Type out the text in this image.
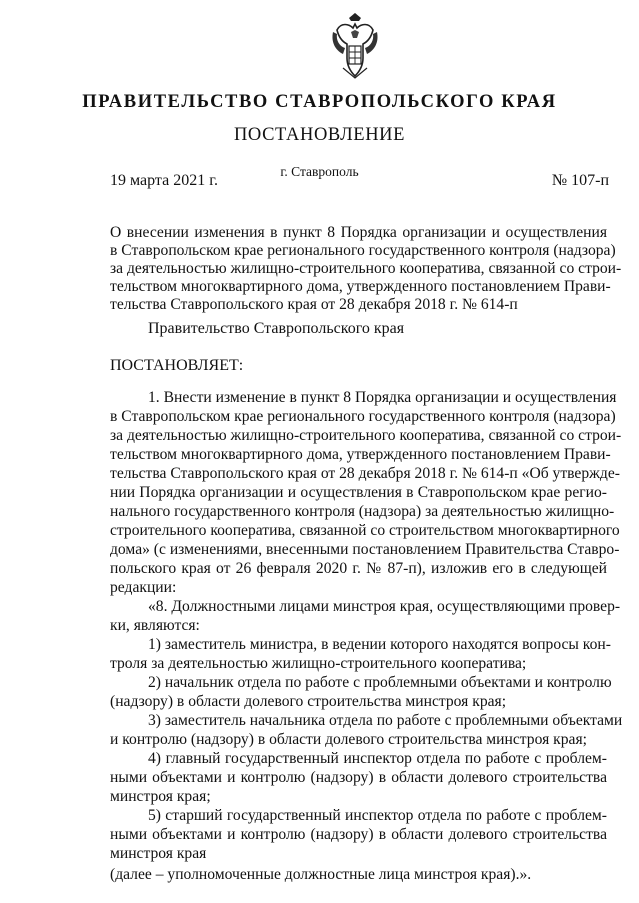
ПРАВИТЕЛЬСТВО СТАВРОПОЛЬСКОГО КРАЯ
ПОСТАНОВЛЕНИЕ
г. Ставрополь
19 марта 2021 г.	№ 107-п
О внесении изменения в пункт 8 Порядка организации и осуществления
в Ставропольском крае регионального государственного контроля (надзора)
за деятельностью жилищно-строительного кооператива, связанной со строи-
тельством многоквартирного дома, утвержденного постановлением Прави-
тельства Ставропольского края от 28 декабря 2018 г. № 614-п
Правительство Ставропольского края
ПОСТАНОВЛЯЕТ:
1. Внести изменение в пункт 8 Порядка организации и осуществления
в Ставропольском крае регионального государственного контроля (надзора)
за деятельностью жилищно-строительного кооператива, связанной со строи-
тельством многоквартирного дома, утвержденного постановлением Прави-
тельства Ставропольского края от 28 декабря 2018 г. № 614-п «Об утвержде-
нии Порядка организации и осуществления в Ставропольском крае регио-
нального государственного контроля (надзора) за деятельностью жилищно-
строительного кооператива, связанной со строительством многоквартирного
дома» (с изменениями, внесенными постановлением Правительства Ставро-
польского края от 26 февраля 2020 г. № 87-п), изложив его в следующей
редакции:
«8. Должностными лицами минстроя края, осуществляющими провер-
ки, являются:
1) заместитель министра, в ведении которого находятся вопросы кон-
троля за деятельностью жилищно-строительного кооператива;
2) начальник отдела по работе с проблемными объектами и контролю
(надзору) в области долевого строительства минстроя края;
3) заместитель начальника отдела по работе с проблемными объектами
и контролю (надзору) в области долевого строительства минстроя края;
4) главный государственный инспектор отдела по работе с проблем-
ными объектами и контролю (надзору) в области долевого строительства
минстроя края;
5) старший государственный инспектор отдела по работе с проблем-
ными объектами и контролю (надзору) в области долевого строительства
минстроя края
(далее – уполномоченные должностные лица минстроя края).».
